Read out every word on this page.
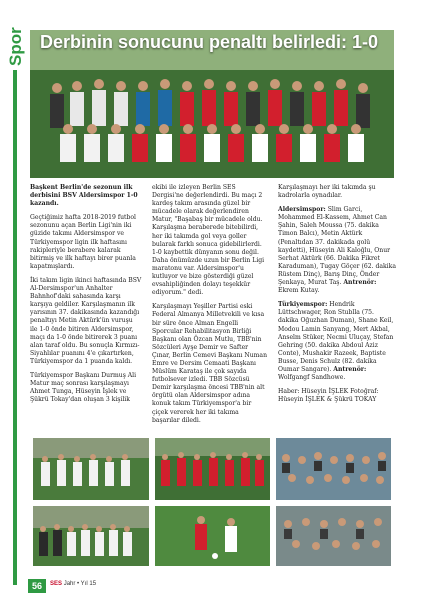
Spor Derbinin sonucunu penaltı belirledi: 1-0

Başkent Berlin'de sezonun ilk derbisini BSV Aldersimspor 1-0 kazandı.

Geçtiğimiz hafta 2018-2019 futbol sezonunu açan Berlin Ligi'nin iki güzide takımı Aldersimspor ve Türkiyemspor ligin ilk haftasını rakipleriyle berabere kalarak bitirmiş ve ilk haftayı birer puanla kapatmışlardı.

İki takım ligin ikinci haftasında BSV Al-Dersimspor'un Anhalter Bahnhof'daki sahasında karşı karşıya geldiler. Karşılaşmanın ilk yarısının 37. dakikasında kazandığı penaltıyı Metin Aktürk'ün vuruşu ile 1-0 önde bitiren Aldersimspor, maçı da 1-0 önde bitirerek 3 puanı alan taraf oldu. Bu sonuçla Kırmızı-Siyahlılar puanını 4'e çıkartırken, Türkiyemspor da 1 puanda kaldı.

Türkiyemspor Başkanı Durmuş Ali Matur maç sonrası karşılaşmayı Ahmet Tunga, Hüseyin İşlek ve Şükrü Tokay'dan oluşan 3 kişilik

ekibi ile izleyen Berlin SES Dergisi'ne değerlendirdi. Bu maçı 2 kardeş takım arasında güzel bir mücadele olarak değerlendiren Matur, "Başabaş bir mücadele oldu. Karşılaşma beraberede bitebilirdi, her iki takımda gol veya goller bularak farklı sonuca gidebilirlerdi. 1-0 kaybettik dünyanın sonu değil. Daha önümüzde uzun bir Berlin Ligi maratonu var. Aldersimspor'u kutluyor ve bize gösterdiği güzel evsahipliğinden dolayı teşekkür ediyorum." dedi.

Karşılaşmayı Yeşiller Partisi eski Federal Almanya Milletvekili ve kısa bir süre önce Alman Engelli Sporcular Rehabilitasyon Birliği Başkanı olan Özcan Mutlu, TBB'nin Sözcüleri Ayşe Demir ve Safter Çınar, Berlin Cemevi Başkanı Numan Emre ve Dersim Cemaati Başkanı Müslüm Karataş ile çok sayıda futbolsever izledi. TBB Sözcüsü Demir karşılaşma öncesi TBB'nin alt örgütü olan Aldersimspor adına konuk takım Türkiyemspor'a bir çiçek vererek her iki takıma başarılar diledi.

Karşılaşmayı her iki takımda şu kadrolarla oynadılar.

Aldersimspor: Slim Garci, Mohammed El-Kassem, Ahmet Can Şahin, Saleh Moussa (75. dakika Timon Balcı), Metin Aktürk (Penaltıdan 37. dakikada golü kaydetti), Hüseyin Ali Kaloğlu, Onur Serhat Aktürk (66. Dakika Fikret Karaduman), Tugay Göçer (62. dakika Rüstem Dinç), Barış Dinç, Önder Şenkaya, Murat Taş. Antrenör: Ekrem Kutay.

Türkiyemspor: Hendrik Lüttschwager, Ron Stublla (75. dakika Oğuzhan Duman), Shane Keil, Modou Lamin Sanyang, Mert Akbal, Anselm Stüker, Necmi Uluçay, Stefan Gehring (50. dakika Abdoul Aziz Conte), Mushakir Razeek, Baptiste Busse, Denis Schulz (82. dakika Oumar Sangare). Antrenör: Wolfgangf Sandhowe.

Haber: Hüseyin İŞLEK Fotoğraf:
Hüseyin İŞLEK & Şükrü TOKAY

56	SES Jahr • Yıl 15
